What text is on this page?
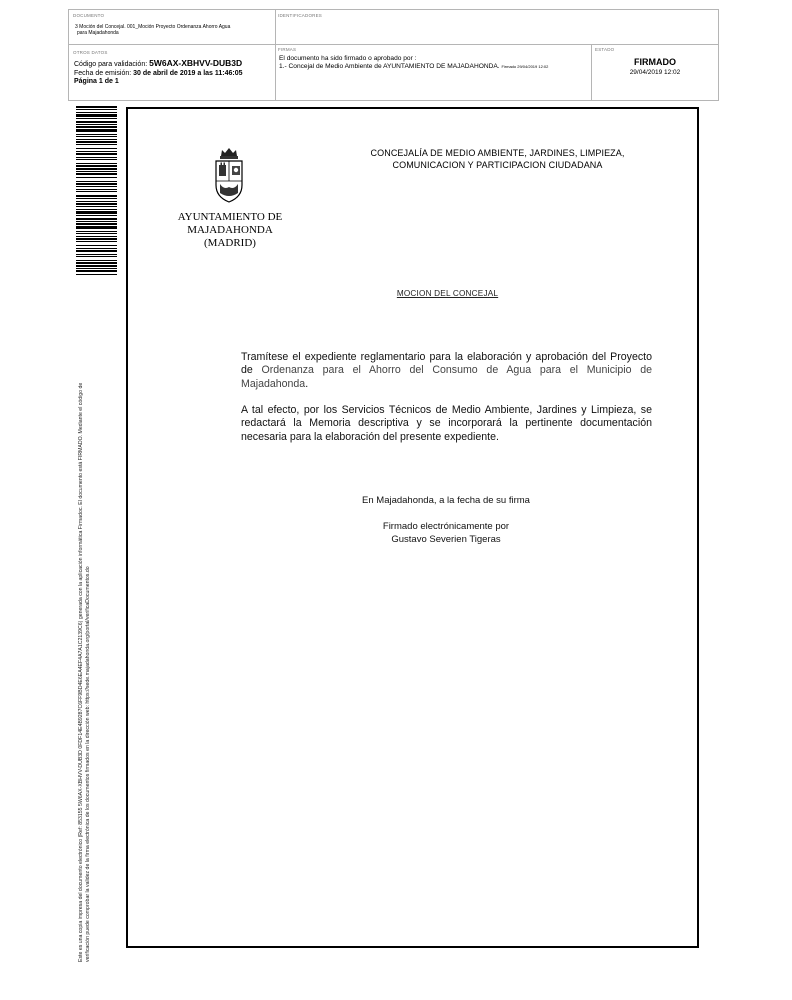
DOCUMENTO
3 Moción del Concejal. 001_Moción Proyecto Ordenanza Ahorro Agua
para Majadahonda
IDENTIFICADORES
OTROS DATOS
Código para validación: 5W6AX-XBHVV-DUB3D
Fecha de emisión: 30 de abril de 2019 a las 11:46:05
Página 1 de 1
FIRMAS
El documento ha sido firmado o aprobado por :
1.- Concejal de Medio Ambiente de AYUNTAMIENTO DE MAJADAHONDA. Firmado 29/04/2019 12:02
ESTADO
FIRMADO
29/04/2019 12:02
Este es una copia impresa del documento electrónico (Ref: 853155 5W6AX-XBHVV-DUB3D 0FDF14E4B9287C6FF9BD4E6EA4EF4A7A1C2139C6) generada con la aplicación informática Firmadoc. El documento está FIRMADO. Mediante el código de verificación puede comprobar la validez de la firma electrónica de los documentos firmados en la dirección web: https://sede.majadahonda.org/portal/verificaDocumentos.do
AYUNTAMIENTO DE
MAJADAHONDA
(MADRID)
CONCEJALÍA DE MEDIO AMBIENTE, JARDINES, LIMPIEZA,
COMUNICACION Y PARTICIPACION CIUDADANA
MOCION DEL CONCEJAL
Tramítese el expediente reglamentario para la elaboración y aprobación del Proyecto de Ordenanza para el Ahorro del Consumo de Agua para el Municipio de Majadahonda.
A tal efecto, por los Servicios Técnicos de Medio Ambiente, Jardines y Limpieza, se redactará la Memoria descriptiva y se incorporará la pertinente documentación necesaria para la elaboración del presente expediente.
En Majadahonda, a la fecha de su firma
Firmado electrónicamente por
Gustavo Severien Tigeras
